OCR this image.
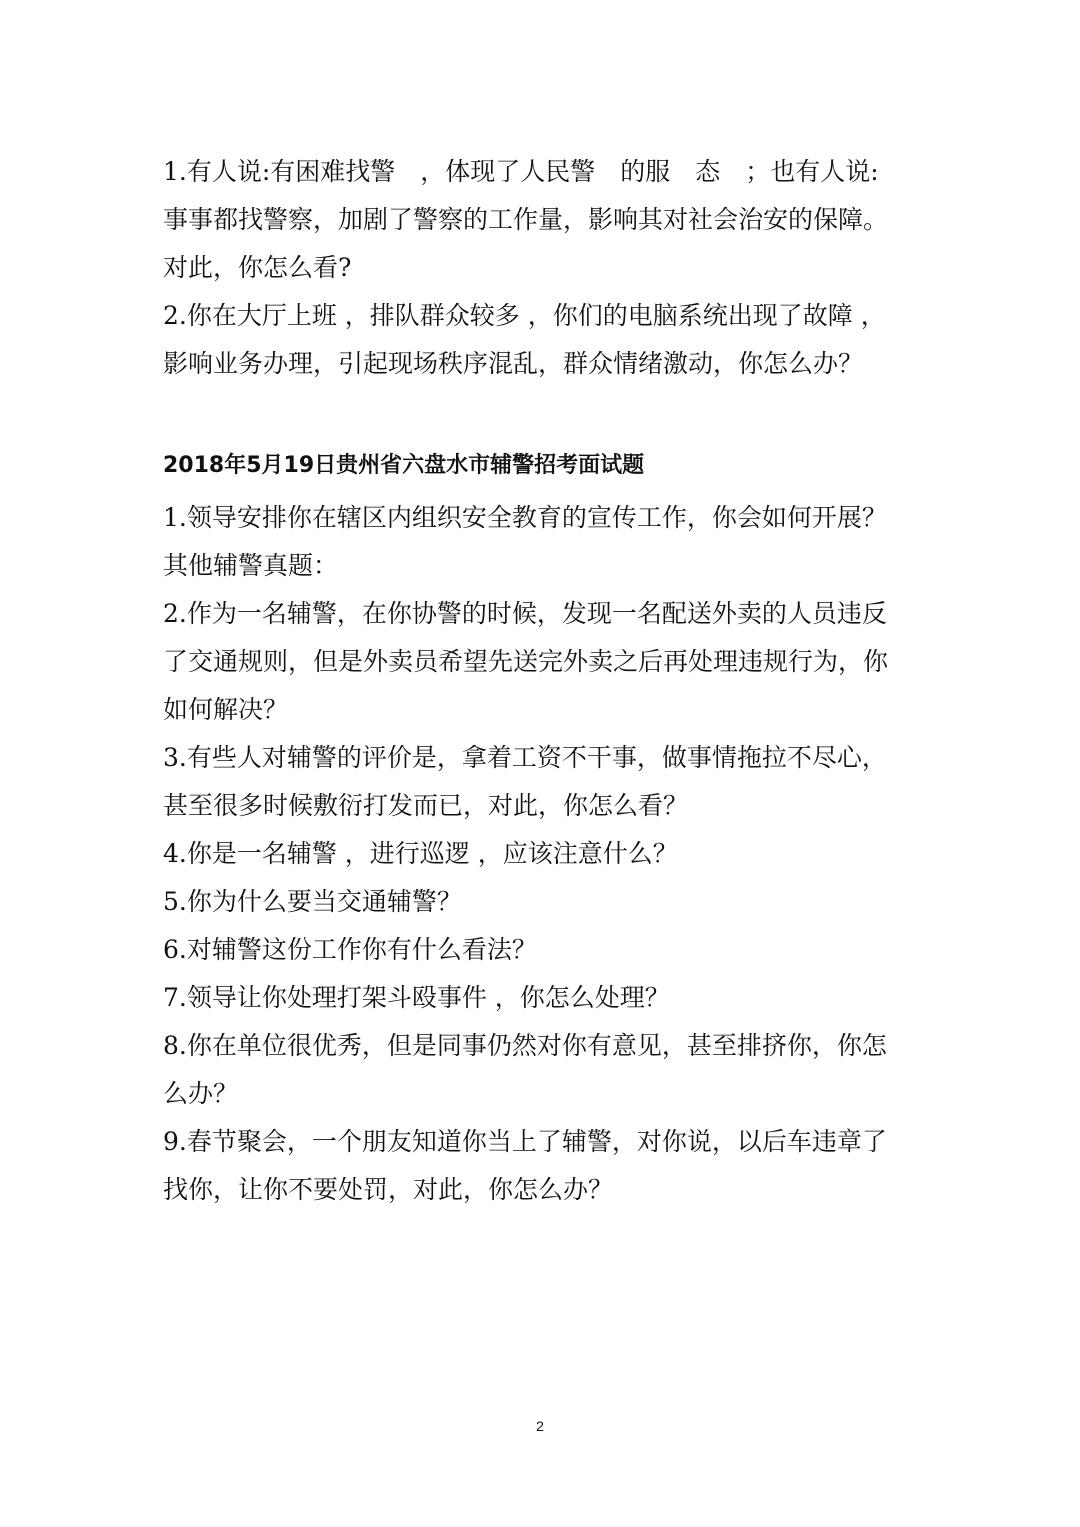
1.有人说:有困难找警　，体现了人民警　的服　态　；也有人说:
事事都找警察，加剧了警察的工作量，影响其对社会治安的保障。
对此，你怎么看?
2.你在大厅上班 ，排队群众较多 ，你们的电脑系统出现了故障 ，
影响业务办理，引起现场秩序混乱，群众情绪激动，你怎么办？
2018年5月19日贵州省六盘水市辅警招考面试题
1.领导安排你在辖区内组织安全教育的宣传工作，你会如何开展？
其他辅警真题：
2.作为一名辅警，在你协警的时候，发现一名配送外卖的人员违反
了交通规则，但是外卖员希望先送完外卖之后再处理违规行为，你
如何解决？
3.有些人对辅警的评价是，拿着工资不干事，做事情拖拉不尽心，
甚至很多时候敷衍打发而已，对此，你怎么看？
4.你是一名辅警 ，进行巡逻 ，应该注意什么？
5.你为什么要当交通辅警？
6.对辅警这份工作你有什么看法？
7.领导让你处理打架斗殴事件 ，你怎么处理？
8.你在单位很优秀，但是同事仍然对你有意见，甚至排挤你，你怎
么办？
9.春节聚会，一个朋友知道你当上了辅警，对你说，以后车违章了
找你，让你不要处罚，对此，你怎么办？
2
